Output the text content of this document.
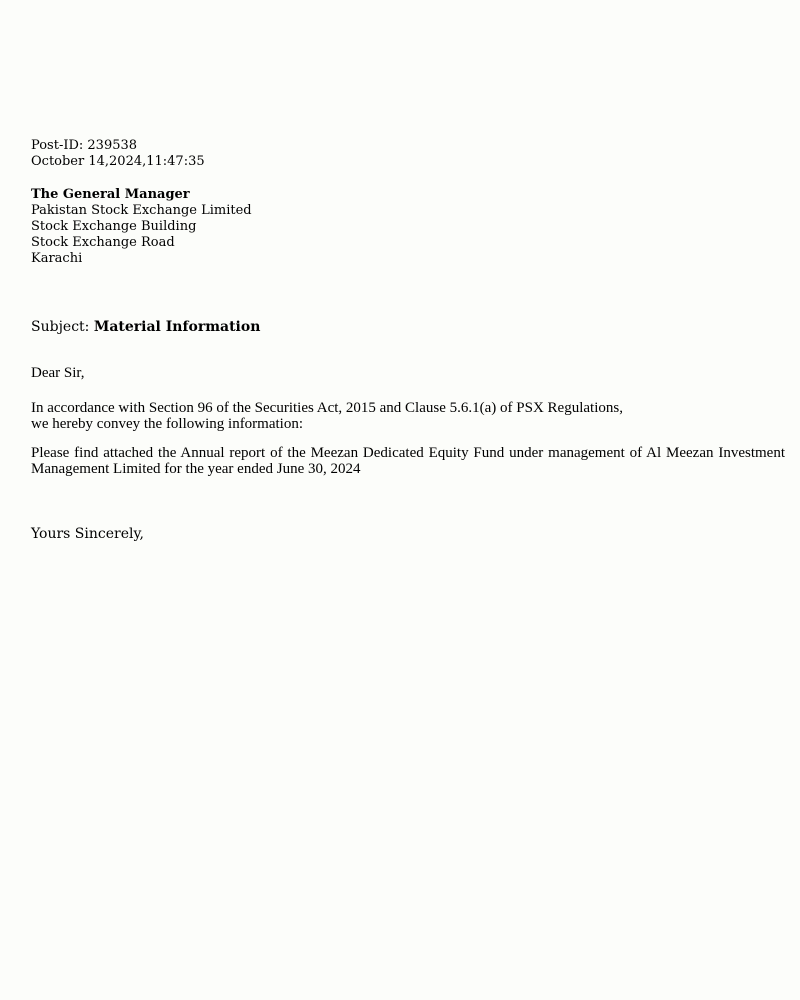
Post-ID: 239538
October 14,2024,11:47:35
The General Manager
Pakistan Stock Exchange Limited
Stock Exchange Building
Stock Exchange Road
Karachi
Subject: Material Information
Dear Sir,
In accordance with Section 96 of the Securities Act, 2015 and Clause 5.6.1(a) of PSX Regulations,
we hereby convey the following information:
Please find attached the Annual report of the Meezan Dedicated Equity Fund under management of Al Meezan Investment
Management Limited for the year ended June 30, 2024
Yours Sincerely,
